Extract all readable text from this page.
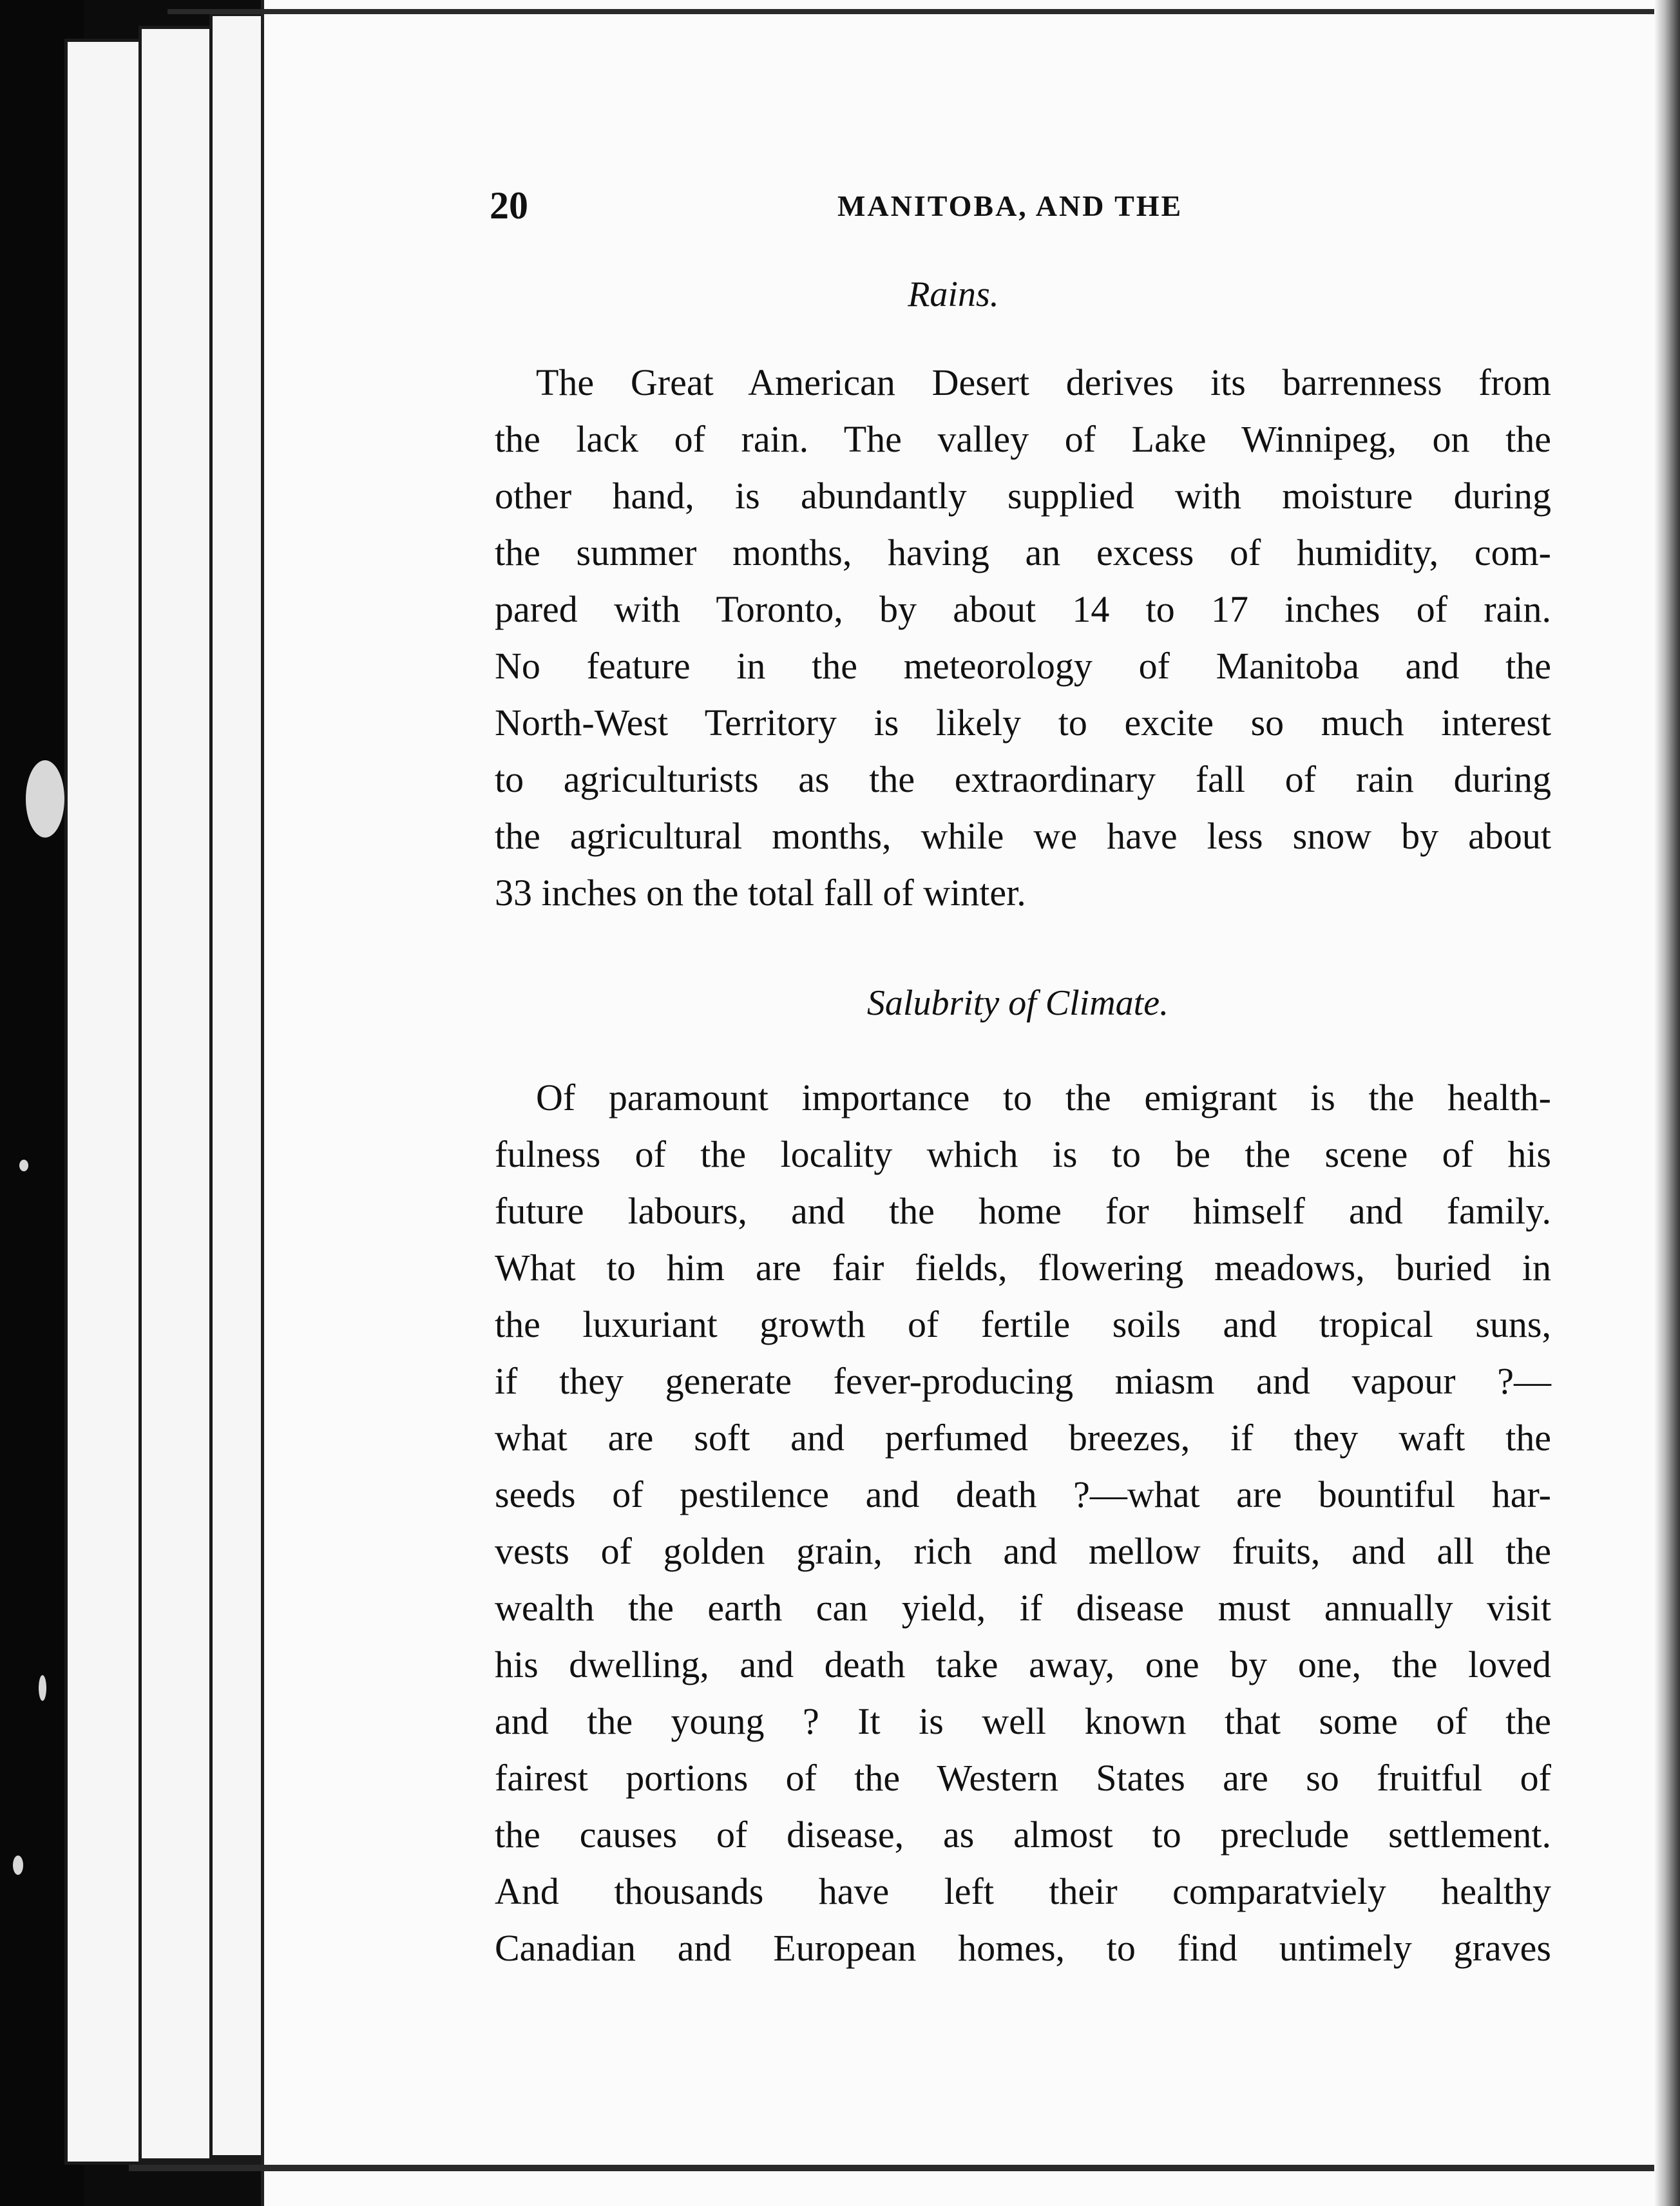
20	MANITOBA, AND THE
Rains.
The Great American Desert derives its barrenness from
the lack of rain. The valley of Lake Winnipeg, on the
other hand, is abundantly supplied with moisture during
the summer months, having an excess of humidity, com-
pared with Toronto, by about 14 to 17 inches of rain.
No feature in the meteorology of Manitoba and the
North-West Territory is likely to excite so much interest
to agriculturists as the extraordinary fall of rain during
the agricultural months, while we have less snow by about
33 inches on the total fall of winter.
Salubrity of Climate.
Of paramount importance to the emigrant is the health-
fulness of the locality which is to be the scene of his
future labours, and the home for himself and family.
What to him are fair fields, flowering meadows, buried in
the luxuriant growth of fertile soils and tropical suns,
if they generate fever-producing miasm and vapour ?—
what are soft and perfumed breezes, if they waft the
seeds of pestilence and death ?—what are bountiful har-
vests of golden grain, rich and mellow fruits, and all the
wealth the earth can yield, if disease must annually visit
his dwelling, and death take away, one by one, the loved
and the young ? It is well known that some of the
fairest portions of the Western States are so fruitful of
the causes of disease, as almost to preclude settlement.
And thousands have left their comparatviely healthy
Canadian and European homes, to find untimely graves
